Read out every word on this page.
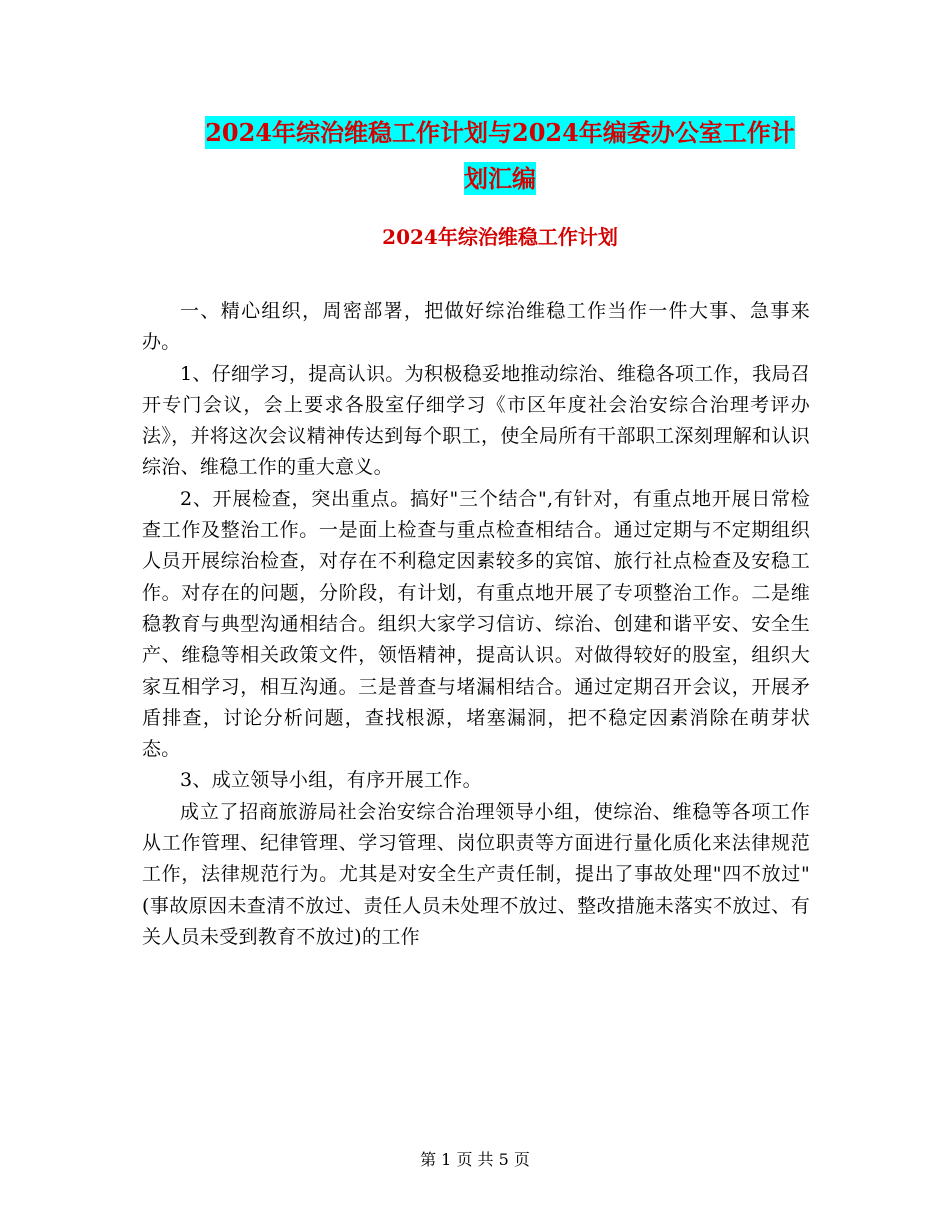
2024年综治维稳工作计划与2024年编委办公室工作计
划汇编
2024年综治维稳工作计划

一、精心组织，周密部署，把做好综治维稳工作当作一件大事、急事来办。

1、仔细学习，提高认识。为积极稳妥地推动综治、维稳各项工作，我局召开专门会议，会上要求各股室仔细学习《市区年度社会治安综合治理考评办法》，并将这次会议精神传达到每个职工，使全局所有干部职工深刻理解和认识综治、维稳工作的重大意义。

2、开展检查，突出重点。搞好"三个结合",有针对，有重点地开展日常检查工作及整治工作。一是面上检查与重点检查相结合。通过定期与不定期组织人员开展综治检查，对存在不利稳定因素较多的宾馆、旅行社点检查及安稳工作。对存在的问题，分阶段，有计划，有重点地开展了专项整治工作。二是维稳教育与典型沟通相结合。组织大家学习信访、综治、创建和谐平安、安全生产、维稳等相关政策文件，领悟精神，提高认识。对做得较好的股室，组织大家互相学习，相互沟通。三是普查与堵漏相结合。通过定期召开会议，开展矛盾排查，讨论分析问题，查找根源，堵塞漏洞，把不稳定因素消除在萌芽状态。

3、成立领导小组，有序开展工作。

成立了招商旅游局社会治安综合治理领导小组，使综治、维稳等各项工作从工作管理、纪律管理、学习管理、岗位职责等方面进行量化质化来法律规范工作，法律规范行为。尤其是对安全生产责任制，提出了事故处理"四不放过"(事故原因未查清不放过、责任人员未处理不放过、整改措施未落实不放过、有关人员未受到教育不放过)的工作

第 1 页 共 5 页
